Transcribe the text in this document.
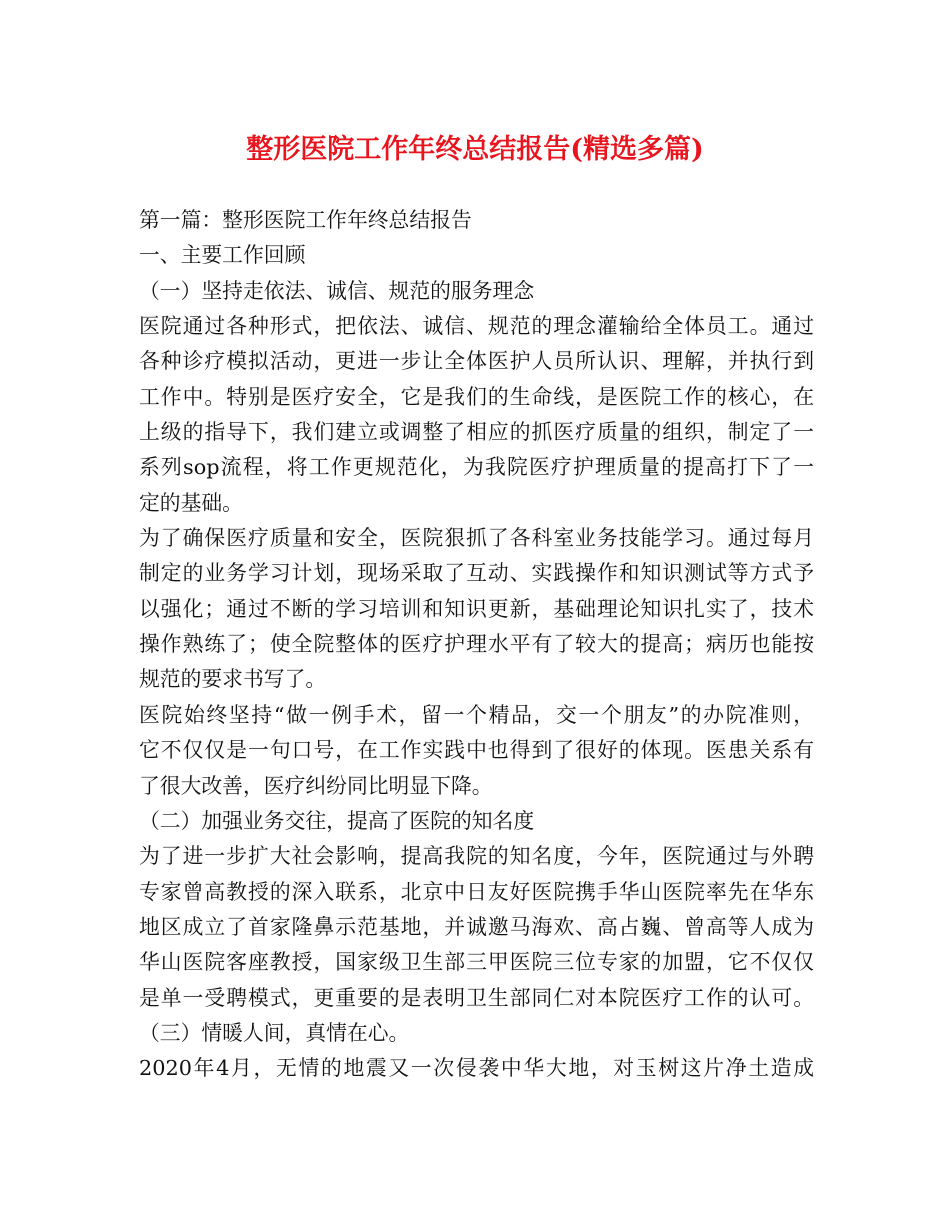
整形医院工作年终总结报告(精选多篇)
第一篇：整形医院工作年终总结报告
一、主要工作回顾
（一）坚持走依法、诚信、规范的服务理念
医院通过各种形式，把依法、诚信、规范的理念灌输给全体员工。通过
各种诊疗模拟活动，更进一步让全体医护人员所认识、理解，并执行到
工作中。特别是医疗安全，它是我们的生命线，是医院工作的核心，在
上级的指导下，我们建立或调整了相应的抓医疗质量的组织，制定了一
系列sop流程，将工作更规范化，为我院医疗护理质量的提高打下了一
定的基础。
为了确保医疗质量和安全，医院狠抓了各科室业务技能学习。通过每月
制定的业务学习计划，现场采取了互动、实践操作和知识测试等方式予
以强化；通过不断的学习培训和知识更新，基础理论知识扎实了，技术
操作熟练了；使全院整体的医疗护理水平有了较大的提高；病历也能按
规范的要求书写了。
医院始终坚持“做一例手术，留一个精品，交一个朋友”的办院准则，
它不仅仅是一句口号，在工作实践中也得到了很好的体现。医患关系有
了很大改善，医疗纠纷同比明显下降。
（二）加强业务交往，提高了医院的知名度
为了进一步扩大社会影响，提高我院的知名度，今年，医院通过与外聘
专家曾高教授的深入联系，北京中日友好医院携手华山医院率先在华东
地区成立了首家隆鼻示范基地，并诚邀马海欢、高占巍、曾高等人成为
华山医院客座教授，国家级卫生部三甲医院三位专家的加盟，它不仅仅
是单一受聘模式，更重要的是表明卫生部同仁对本院医疗工作的认可。
（三）情暖人间，真情在心。
2020年4月，无情的地震又一次侵袭中华大地，对玉树这片净土造成
